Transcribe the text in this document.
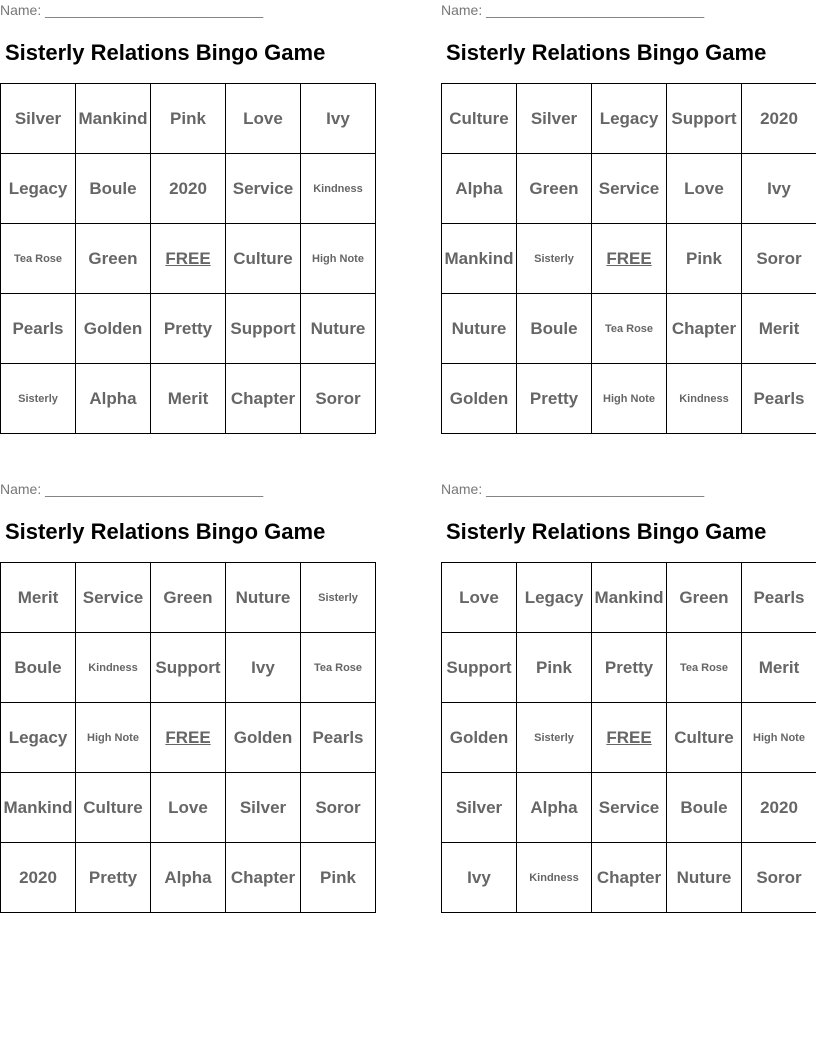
Name: ____________________________
Sisterly Relations Bingo Game
Silver	Mankind	Pink	Love	Ivy
Legacy	Boule	2020	Service	Kindness
Tea Rose	Green	FREE	Culture	High Note
Pearls	Golden	Pretty	Support	Nuture
Sisterly	Alpha	Merit	Chapter	Soror
Name: ____________________________
Sisterly Relations Bingo Game
Culture	Silver	Legacy	Support	2020
Alpha	Green	Service	Love	Ivy
Mankind	Sisterly	FREE	Pink	Soror
Nuture	Boule	Tea Rose	Chapter	Merit
Golden	Pretty	High Note	Kindness	Pearls
Name: ____________________________
Sisterly Relations Bingo Game
Merit	Service	Green	Nuture	Sisterly
Boule	Kindness	Support	Ivy	Tea Rose
Legacy	High Note	FREE	Golden	Pearls
Mankind	Culture	Love	Silver	Soror
2020	Pretty	Alpha	Chapter	Pink
Name: ____________________________
Sisterly Relations Bingo Game
Love	Legacy	Mankind	Green	Pearls
Support	Pink	Pretty	Tea Rose	Merit
Golden	Sisterly	FREE	Culture	High Note
Silver	Alpha	Service	Boule	2020
Ivy	Kindness	Chapter	Nuture	Soror
